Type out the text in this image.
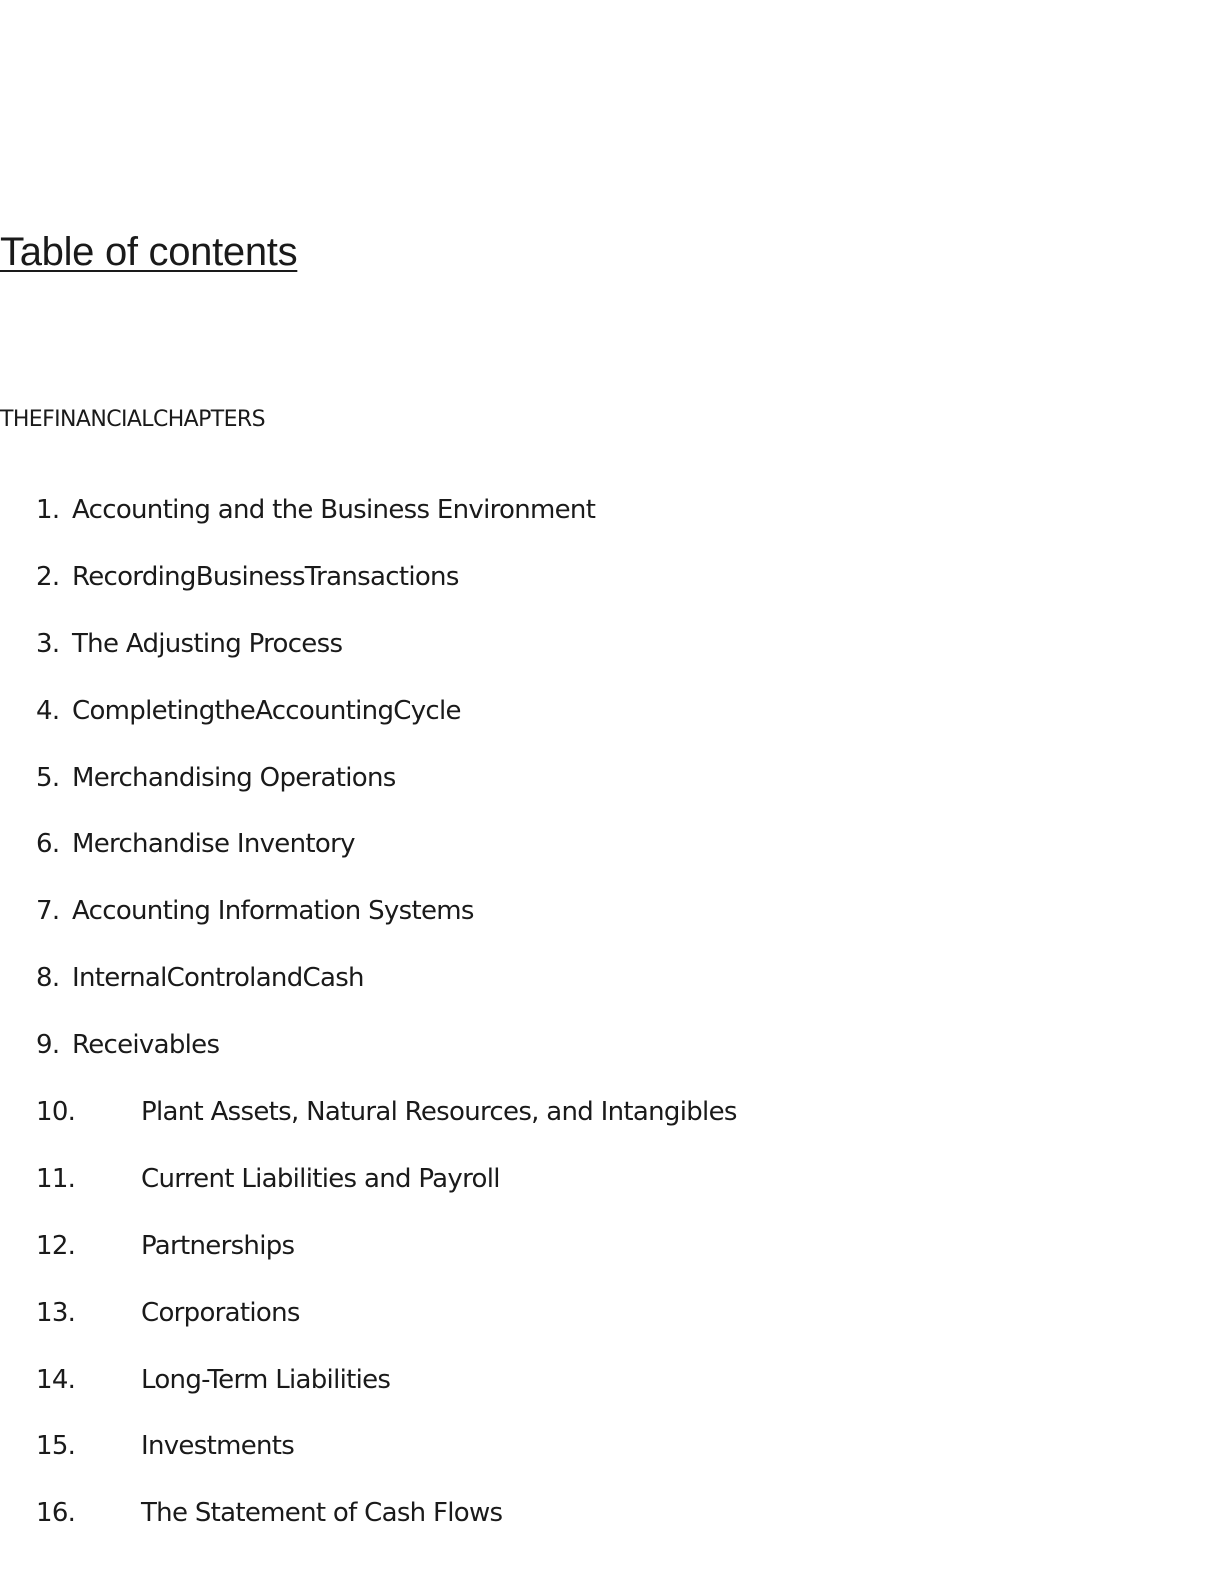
Table of contents
THEFINANCIALCHAPTERS
1. Accounting and the Business Environment
2. RecordingBusinessTransactions
3. The Adjusting Process
4. CompletingtheAccountingCycle
5. Merchandising Operations
6. Merchandise Inventory
7. Accounting Information Systems
8. InternalControlandCash
9. Receivables
10.	Plant Assets, Natural Resources, and Intangibles
11.	Current Liabilities and Payroll
12.	Partnerships
13.	Corporations
14.	Long-Term Liabilities
15.	Investments
16.	The Statement of Cash Flows
